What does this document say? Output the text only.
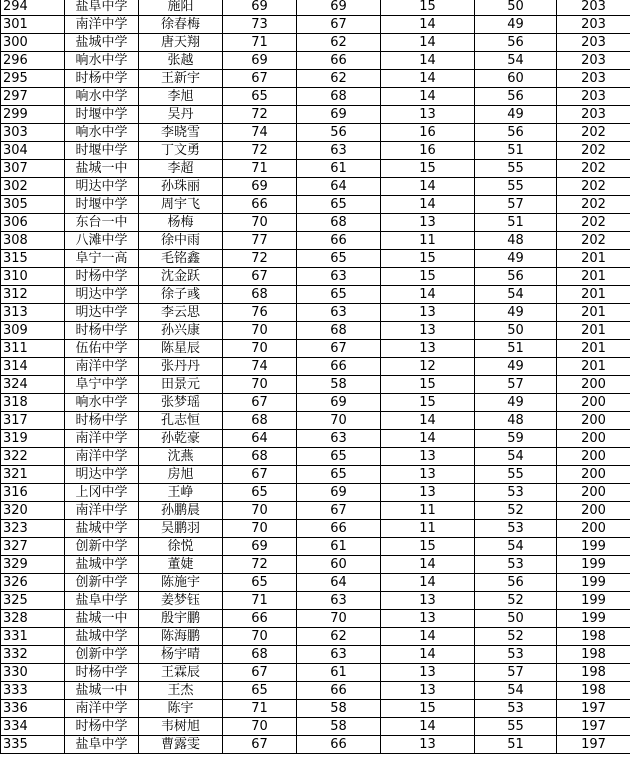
294	盐阜中学	施阳	69	69	15	50	203	
301	南洋中学	徐春梅	73	67	14	49	203	
300	盐城中学	唐天翔	71	62	14	56	203	
296	响水中学	张越	69	66	14	54	203	
295	时杨中学	王新宇	67	62	14	60	203	
297	响水中学	李旭	65	68	14	56	203	
299	时堰中学	吴丹	72	69	13	49	203	
303	响水中学	李晓雪	74	56	16	56	202	
304	时堰中学	丁文勇	72	63	16	51	202	
307	盐城一中	李超	71	61	15	55	202	
302	明达中学	孙珠丽	69	64	14	55	202	
305	时堰中学	周宇飞	66	65	14	57	202	
306	东台一中	杨梅	70	68	13	51	202	
308	八滩中学	徐中雨	77	66	11	48	202	
315	阜宁一高	毛铭鑫	72	65	15	49	201	
310	时杨中学	沈金跃	67	63	15	56	201	
312	明达中学	徐子彧	68	65	14	54	201	
313	明达中学	李云思	76	63	13	49	201	
309	时杨中学	孙兴康	70	68	13	50	201	
311	伍佑中学	陈星辰	70	67	13	51	201	
314	南洋中学	张丹丹	74	66	12	49	201	
324	阜宁中学	田景元	70	58	15	57	200	
318	响水中学	张梦瑶	67	69	15	49	200	
317	时杨中学	孔志恒	68	70	14	48	200	
319	南洋中学	孙乾豪	64	63	14	59	200	
322	南洋中学	沈燕	68	65	13	54	200	
321	明达中学	房旭	67	65	13	55	200	
316	上冈中学	王峥	65	69	13	53	200	
320	南洋中学	孙鹏晨	70	67	11	52	200	
323	盐城中学	吴鹏羽	70	66	11	53	200	
327	创新中学	徐悦	69	61	15	54	199	
329	盐城中学	董婕	72	60	14	53	199	
326	创新中学	陈施宇	65	64	14	56	199	
325	盐阜中学	姜梦钰	71	63	13	52	199	
328	盐城一中	殷宇鹏	66	70	13	50	199	
331	盐城中学	陈海鹏	70	62	14	52	198	
332	创新中学	杨宇晴	68	63	14	53	198	
330	时杨中学	王霖辰	67	61	13	57	198	
333	盐城一中	王杰	65	66	13	54	198	
336	南洋中学	陈宇	71	58	15	53	197	
334	时杨中学	韦树旭	70	58	14	55	197	
335	盐阜中学	曹露雯	67	66	13	51	197	
